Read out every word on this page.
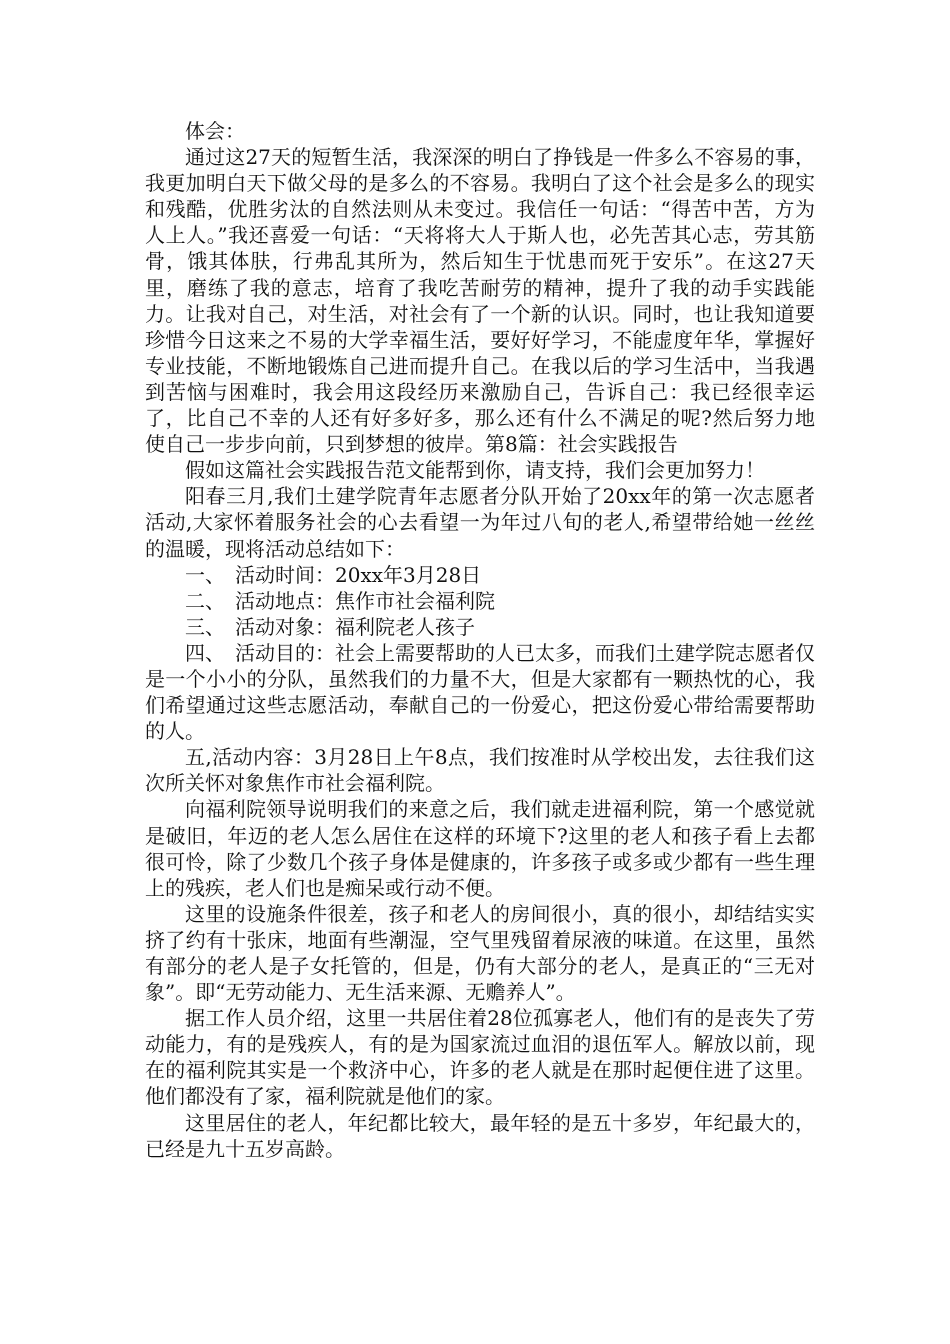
体会：

通过这27天的短暂生活，我深深的明白了挣钱是一件多么不容易的事，我更加明白天下做父母的是多么的不容易。我明白了这个社会是多么的现实和残酷，优胜劣汰的自然法则从未变过。我信任一句话：“得苦中苦，方为人上人。”我还喜爱一句话：“天将将大人于斯人也，必先苦其心志，劳其筋骨，饿其体肤，行弗乱其所为，然后知生于忧患而死于安乐”。在这27天里，磨练了我的意志，培育了我吃苦耐劳的精神，提升了我的动手实践能力。让我对自己，对生活，对社会有了一个新的认识。同时，也让我知道要珍惜今日这来之不易的大学幸福生活，要好好学习，不能虚度年华，掌握好专业技能，不断地锻炼自己进而提升自己。在我以后的学习生活中，当我遇到苦恼与困难时，我会用这段经历来激励自己，告诉自己：我已经很幸运了，比自己不幸的人还有好多好多，那么还有什么不满足的呢?然后努力地使自己一步步向前，只到梦想的彼岸。第8篇：社会实践报告

假如这篇社会实践报告范文能帮到你，请支持，我们会更加努力！

阳春三月,我们土建学院青年志愿者分队开始了20xx年的第一次志愿者活动,大家怀着服务社会的心去看望一为年过八旬的老人,希望带给她一丝丝的温暖，现将活动总结如下：

一、　活动时间：20xx年3月28日

二、　活动地点：焦作市社会福利院

三、　活动对象：福利院老人孩子

四、　活动目的：社会上需要帮助的人已太多，而我们土建学院志愿者仅是一个小小的分队，虽然我们的力量不大，但是大家都有一颗热忱的心，我们希望通过这些志愿活动，奉献自己的一份爱心，把这份爱心带给需要帮助的人。

五,活动内容：3月28日上午8点，我们按准时从学校出发，去往我们这次所关怀对象焦作市社会福利院。

向福利院领导说明我们的来意之后，我们就走进福利院，第一个感觉就是破旧，年迈的老人怎么居住在这样的环境下?这里的老人和孩子看上去都很可怜，除了少数几个孩子身体是健康的，许多孩子或多或少都有一些生理上的残疾，老人们也是痴呆或行动不便。

这里的设施条件很差，孩子和老人的房间很小，真的很小，却结结实实挤了约有十张床，地面有些潮湿，空气里残留着尿液的味道。在这里，虽然有部分的老人是子女托管的，但是，仍有大部分的老人，是真正的“三无对象”。即“无劳动能力、无生活来源、无赡养人”。

据工作人员介绍，这里一共居住着28位孤寡老人，他们有的是丧失了劳动能力，有的是残疾人，有的是为国家流过血泪的退伍军人。解放以前，现在的福利院其实是一个救济中心，许多的老人就是在那时起便住进了这里。他们都没有了家，福利院就是他们的家。

这里居住的老人，年纪都比较大，最年轻的是五十多岁，年纪最大的，已经是九十五岁高龄。
